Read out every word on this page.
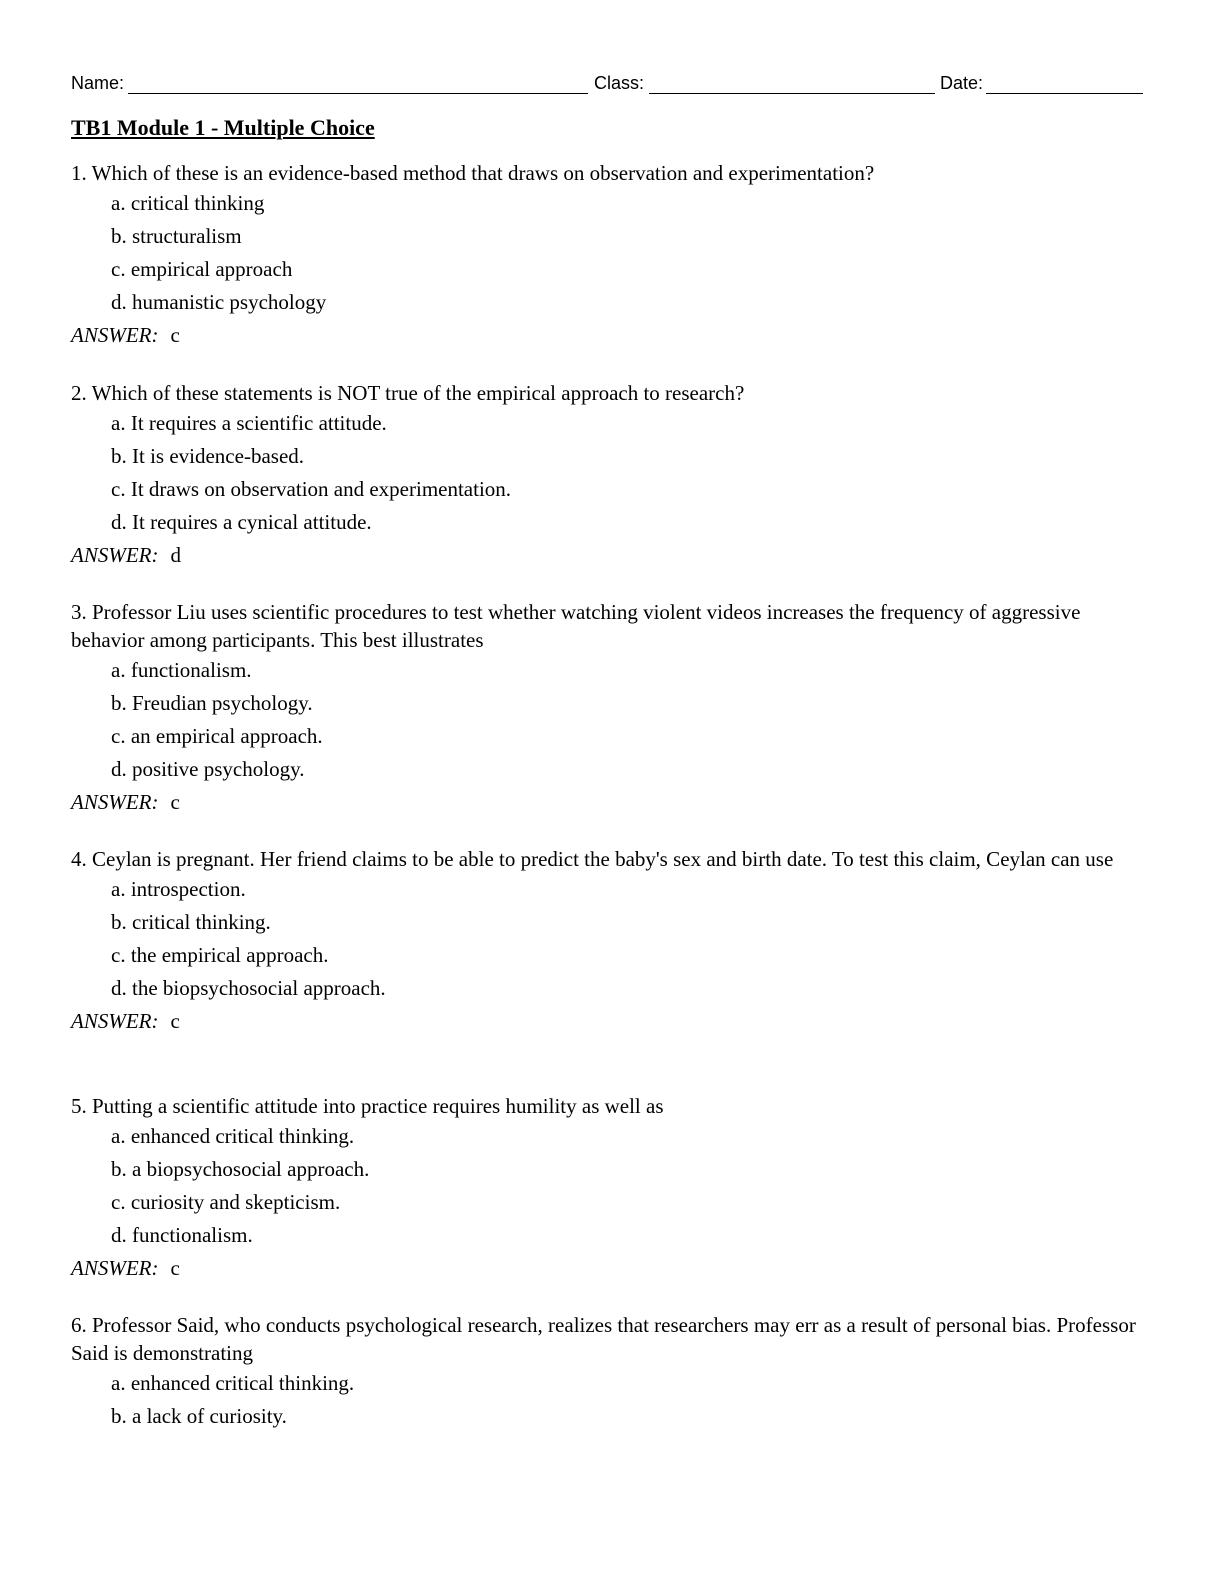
Name:	Class:	Date:
TB1 Module 1 - Multiple Choice
1. Which of these is an evidence-based method that draws on observation and experimentation?
a. critical thinking
b. structuralism
c. empirical approach
d. humanistic psychology
ANSWER: c
2. Which of these statements is NOT true of the empirical approach to research?
a. It requires a scientific attitude.
b. It is evidence-based.
c. It draws on observation and experimentation.
d. It requires a cynical attitude.
ANSWER: d
3. Professor Liu uses scientific procedures to test whether watching violent videos increases the frequency of aggressive behavior among participants. This best illustrates
a. functionalism.
b. Freudian psychology.
c. an empirical approach.
d. positive psychology.
ANSWER: c
4. Ceylan is pregnant. Her friend claims to be able to predict the baby's sex and birth date. To test this claim, Ceylan can use
a. introspection.
b. critical thinking.
c. the empirical approach.
d. the biopsychosocial approach.
ANSWER: c
5. Putting a scientific attitude into practice requires humility as well as
a. enhanced critical thinking.
b. a biopsychosocial approach.
c. curiosity and skepticism.
d. functionalism.
ANSWER: c
6. Professor Said, who conducts psychological research, realizes that researchers may err as a result of personal bias. Professor Said is demonstrating
a. enhanced critical thinking.
b. a lack of curiosity.
